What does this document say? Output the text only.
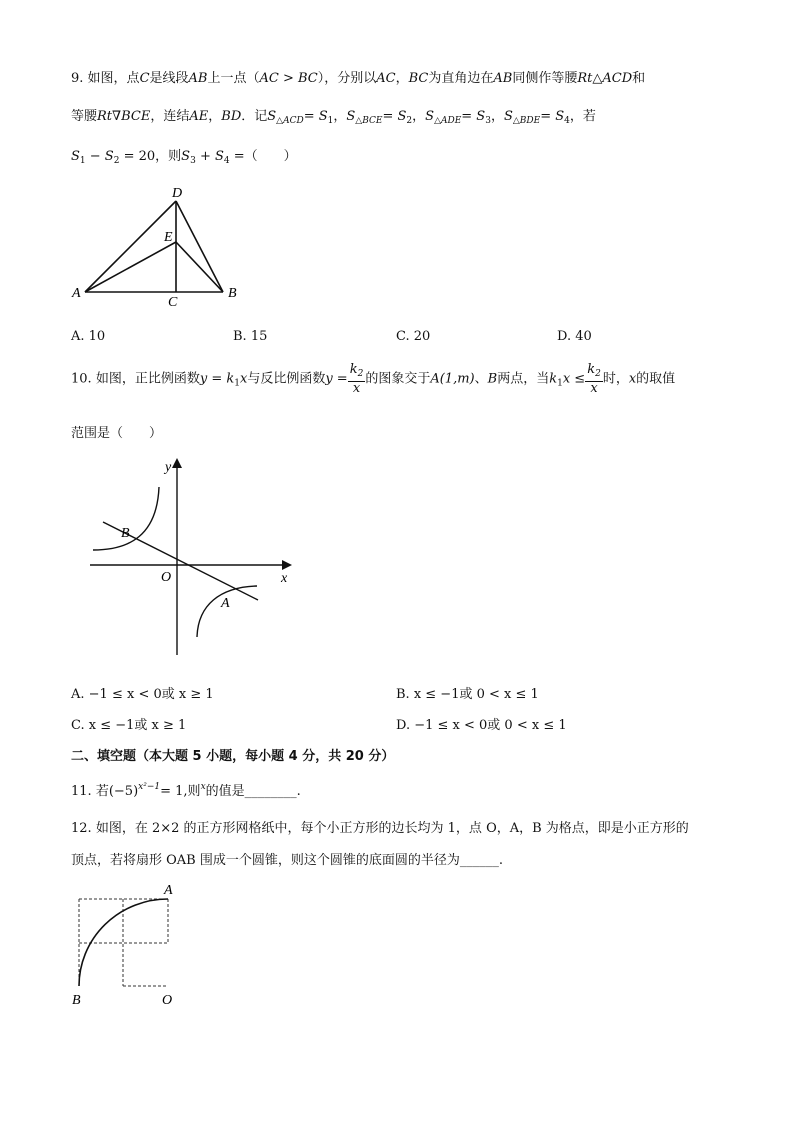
9. 如图，点C是线段AB上一点（AC > BC），分别以AC，BC为直角边在AB同侧作等腰Rt△ACD和
等腰Rt∇BCE，连结AE，BD．记$S_{\triangle ACD}= S_1$，$S_{\triangle BCE}= S_2$，$S_{\triangle ADE}= S_3$，$S_{\triangle BDE}= S_4$，若
$S_1 - S_2 = 20$，则$S_3 + S_4$ =（　　）
D
E
A
C
B
A. 10	B. 15	C. 20	D. 40
10. 如图，正比例函数$y = k_1x$与反比例函数$y = \frac{k_2}{x}$ 的图象交于A(1,m)、B两点，当$k_1x \le \frac{k_2}{x}$ 时，x的取值
范围是（　　）
y
x
O
A
B
A. −1 ≤ x < 0或 x ≥ 1	B. x ≤ −1或 0 < x ≤ 1
C. x ≤ −1或 x ≥ 1	D. −1 ≤ x < 0或 0 < x ≤ 1
二、填空题（本大题 5 小题，每小题 4 分，共 20 分）
11. 若$(-5)^{x^2-1}= 1$,则$^x$的值是________.
12. 如图，在 2×2 的正方形网格纸中，每个小正方形的边长均为 1，点 O，A，B 为格点，即是小正方形的
顶点，若将扇形 OAB 围成一个圆锥，则这个圆锥的底面圆的半径为______.
A
B	O
